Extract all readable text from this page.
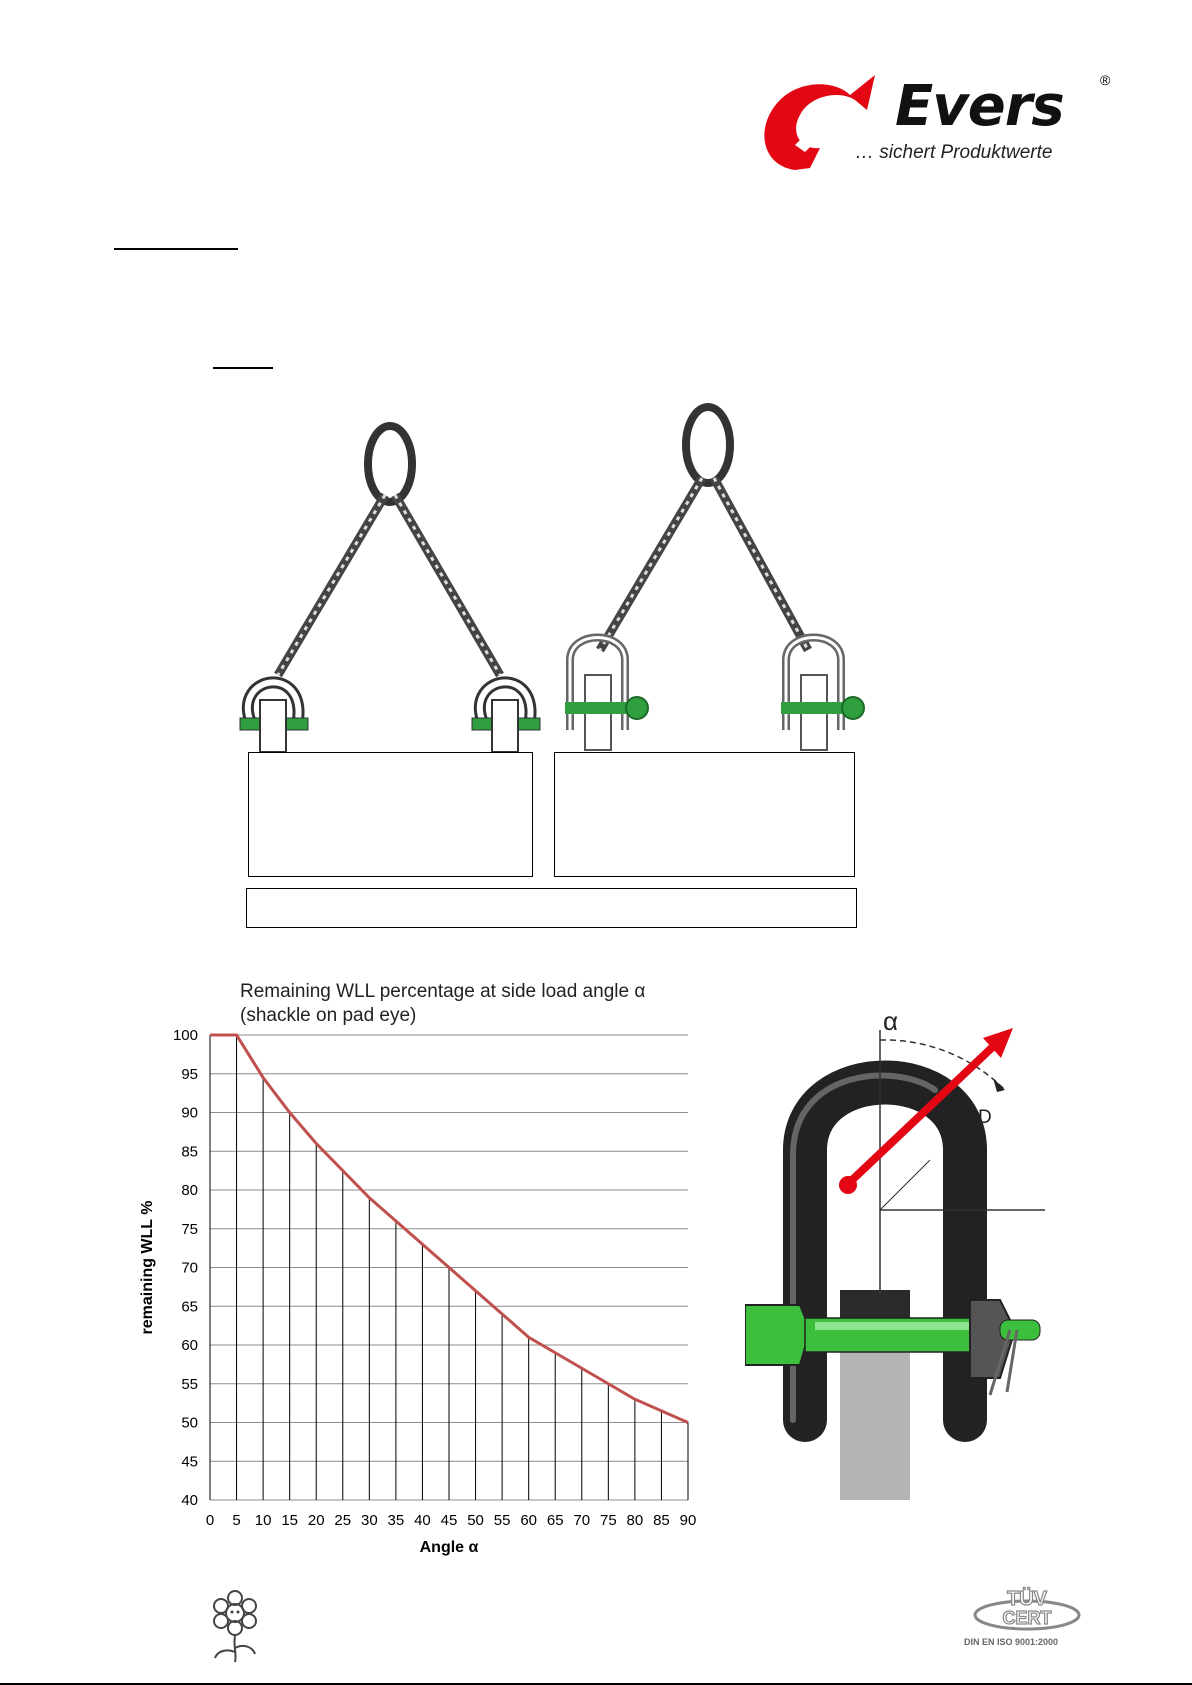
Evers	®
… sichert Produktwerte
Remaining WLL percentage at side load angle α
(shackle on pad eye)
40
45
50
55
60
65
70
75
80
85
90
95
100
0 5 10 15 20 25 30 35 40 45 50 55 60 65 70 75 80 85 90
Angle α
remaining WLL %
α
LOAD
TÜV
CERT
DIN EN ISO 9001:2000
